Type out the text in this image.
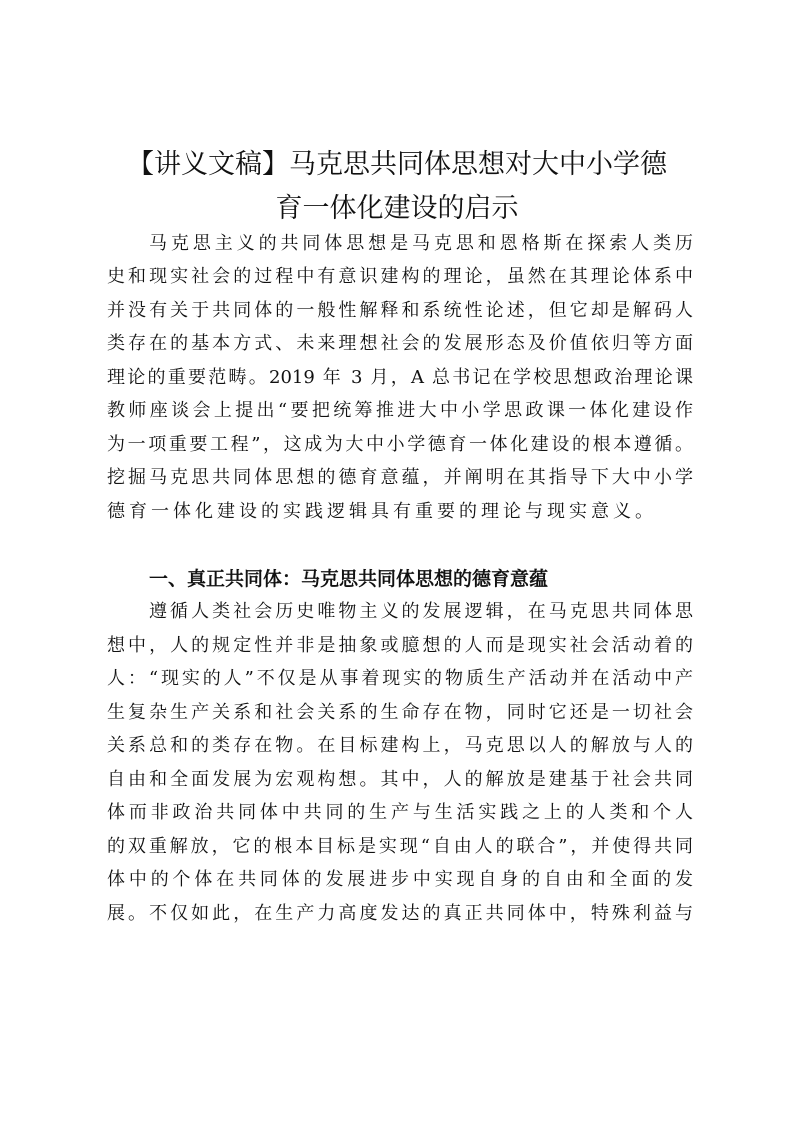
【讲义文稿】马克思共同体思想对大中小学德
育一体化建设的启示
马克思主义的共同体思想是马克思和恩格斯在探索人类历
史和现实社会的过程中有意识建构的理论，虽然在其理论体系中
并没有关于共同体的一般性解释和系统性论述，但它却是解码人
类存在的基本方式、未来理想社会的发展形态及价值依归等方面
理论的重要范畴。2019 年 3 月，A 总书记在学校思想政治理论课
教师座谈会上提出“要把统筹推进大中小学思政课一体化建设作
为一项重要工程”，这成为大中小学德育一体化建设的根本遵循。
挖掘马克思共同体思想的德育意蕴，并阐明在其指导下大中小学
德育一体化建设的实践逻辑具有重要的理论与现实意义。
一、真正共同体：马克思共同体思想的德育意蕴
遵循人类社会历史唯物主义的发展逻辑，在马克思共同体思
想中，人的规定性并非是抽象或臆想的人而是现实社会活动着的
人：“现实的人”不仅是从事着现实的物质生产活动并在活动中产
生复杂生产关系和社会关系的生命存在物，同时它还是一切社会
关系总和的类存在物。在目标建构上，马克思以人的解放与人的
自由和全面发展为宏观构想。其中，人的解放是建基于社会共同
体而非政治共同体中共同的生产与生活实践之上的人类和个人
的双重解放，它的根本目标是实现“自由人的联合”，并使得共同
体中的个体在共同体的发展进步中实现自身的自由和全面的发
展。不仅如此，在生产力高度发达的真正共同体中，特殊利益与
